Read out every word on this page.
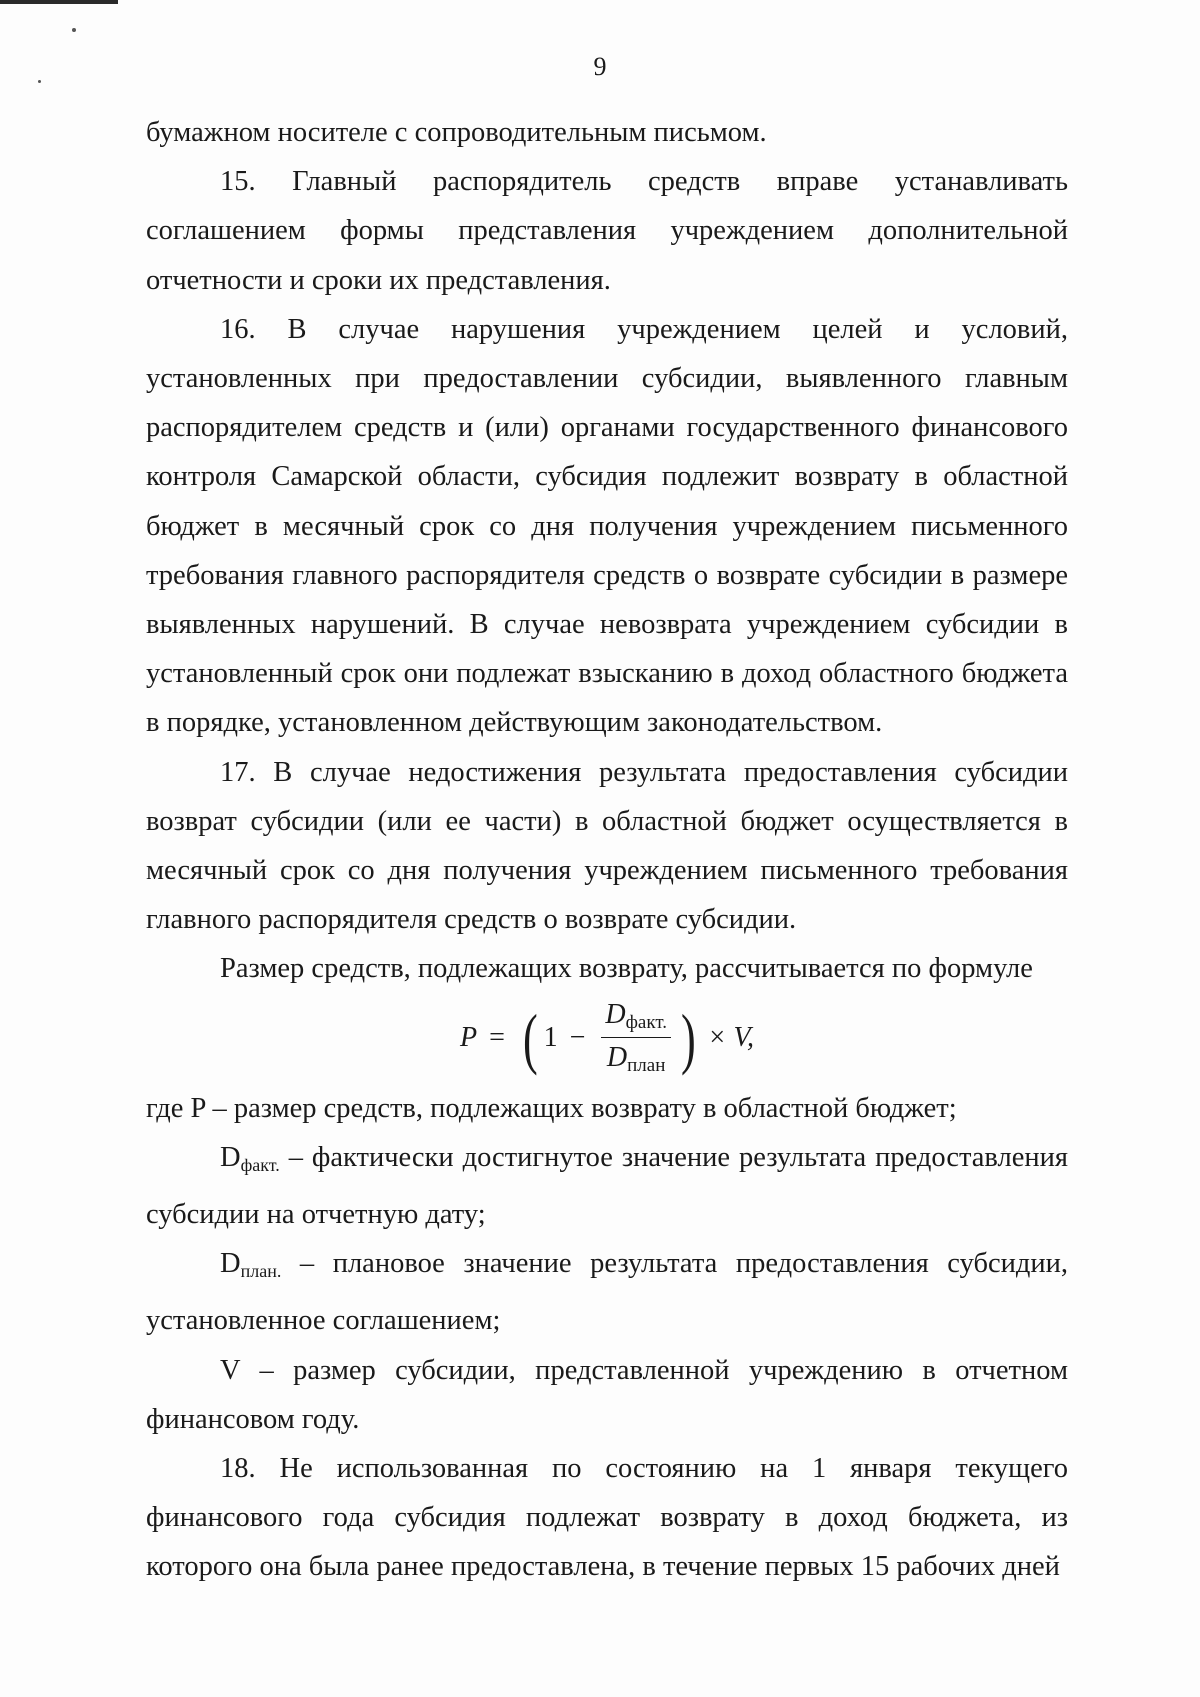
9

бумажном носителе с сопроводительным письмом.

15. Главный распорядитель средств вправе устанавливать соглашением формы представления учреждением дополнительной отчетности и сроки их представления.

16. В случае нарушения учреждением целей и условий, установленных при предоставлении субсидии, выявленного главным распорядителем средств и (или) органами государственного финансового контроля Самарской области, субсидия подлежит возврату в областной бюджет в месячный срок со дня получения учреждением письменного требования главного распорядителя средств о возврате субсидии в размере выявленных нарушений. В случае невозврата учреждением субсидии в установленный срок они подлежат взысканию в доход областного бюджета в порядке, установленном действующим законодательством.

17. В случае недостижения результата предоставления субсидии возврат субсидии (или ее части) в областной бюджет осуществляется в месячный срок со дня получения учреждением письменного требования главного распорядителя средств о возврате субсидии.

Размер средств, подлежащих возврату, рассчитывается по формуле

P = ( $1 - \frac{D_{факт.}}{D_{план}}$ ) × V,

где P – размер средств, подлежащих возврату в областной бюджет;

Dфакт. – фактически достигнутое значение результата предоставления субсидии на отчетную дату;

Dплан. – плановое значение результата предоставления субсидии, установленное соглашением;

V – размер субсидии, представленной учреждению в отчетном финансовом году.

18. Не использованная по состоянию на 1 января текущего финансового года субсидия подлежат возврату в доход бюджета, из которого она была ранее предоставлена, в течение первых 15 рабочих дней
